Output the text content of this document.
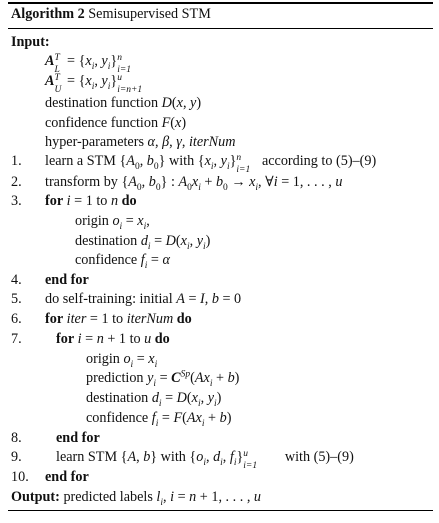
Algorithm 2 Semisupervised STM
Input:
A T
L
= {$x_i$, $y_i$} n
i=1
A T
U
= {$x_i$, $y_i$} u
i=n+1
destination function D(x, y)
confidence function F(x)
hyper-parameters α, β, γ, iterNum
1. learn a STM {$A_0$, $b_0$} with {$x_i$, $y_i$} n
i=1
according to (5)–(9)
2. transform by {$A_0$, $b_0$} : $A_0x_i + b_0 \to x_i$, ∀i = 1, . . . , u
3. for i = 1 to n do
origin $o_i = x_i$,
destination $d_i = D(x_i$, $y_i$)
confidence $f_i = \alpha$
4. end for
5. do self-training: initial A = I, b = 0
6. for iter = 1 to iterNum do
7. for i = n + 1 to u do
origin $o_i = x_i$
prediction $y_i = C^{Sp}(Ax_i + b)$
destination $d_i = D(x_i$, $y_i$)
confidence $f_i = F(Ax_i + b)$
8. end for
9. learn STM {A, b} with {$o_i$, $d_i$, $f_i$} u
i=1
with (5)–(9)
10. end for
Output: predicted labels $l_i$, i = n + 1, . . . , u
